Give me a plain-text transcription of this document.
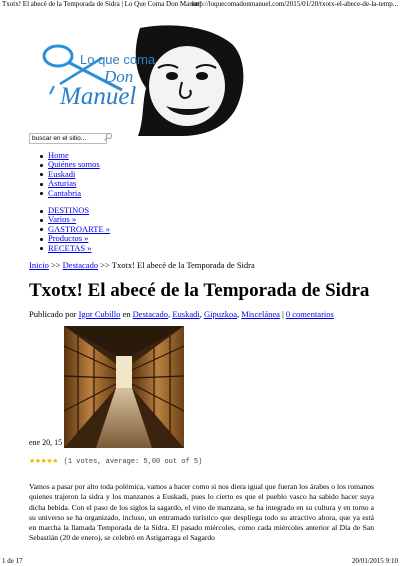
Txotx! El abecé de la Temporada de Sidra | Lo Que Coma Don Manuel
http://loquecomadonmanuel.com/2015/01/20/txotx-el-abece-de-la-temp...
Lo que coma
Don
Manuel
buscar en el sitio...
Home
Quiénes somos
Euskadi
Asturias
Cantabria
DESTINOS
Varios »
GASTROARTE »
Productos »
RECETAS »
Inicio >> Destacado >> Txotx! El abecé de la Temporada de Sidra
Txotx! El abecé de la Temporada de Sidra
Publicado por Igor Cubillo en Destacado, Euskadi, Gipuzkoa, Miscelánea | 0 comentarios
ene 20, 15
★★★★★ (1 votes, average: 5,00 out of 5)

Vamos a pasar por alto toda polémica, vamos a hacer como si nos diera igual que fueran los árabes o los romanos quienes trajeron la sidra y los manzanos a Euskadi, pues lo cierto es que el pueblo vasco ha sabido hacer suya dicha bebida. Con el paso de los siglos la sagardo, el vino de manzana, se ha integrado en su cultura y en torno a su universo se ha organizado, incluso, un entramado turístico que despliega todo su atractivo ahora, que ya está en marcha la llamada Temporada de la Sidra. El pasado miércoles, como cada miércoles anterior al Día de San Sebastián (20 de enero), se celebró en Astigarraga el Sagardo

1 de 17	20/01/2015 9:10
